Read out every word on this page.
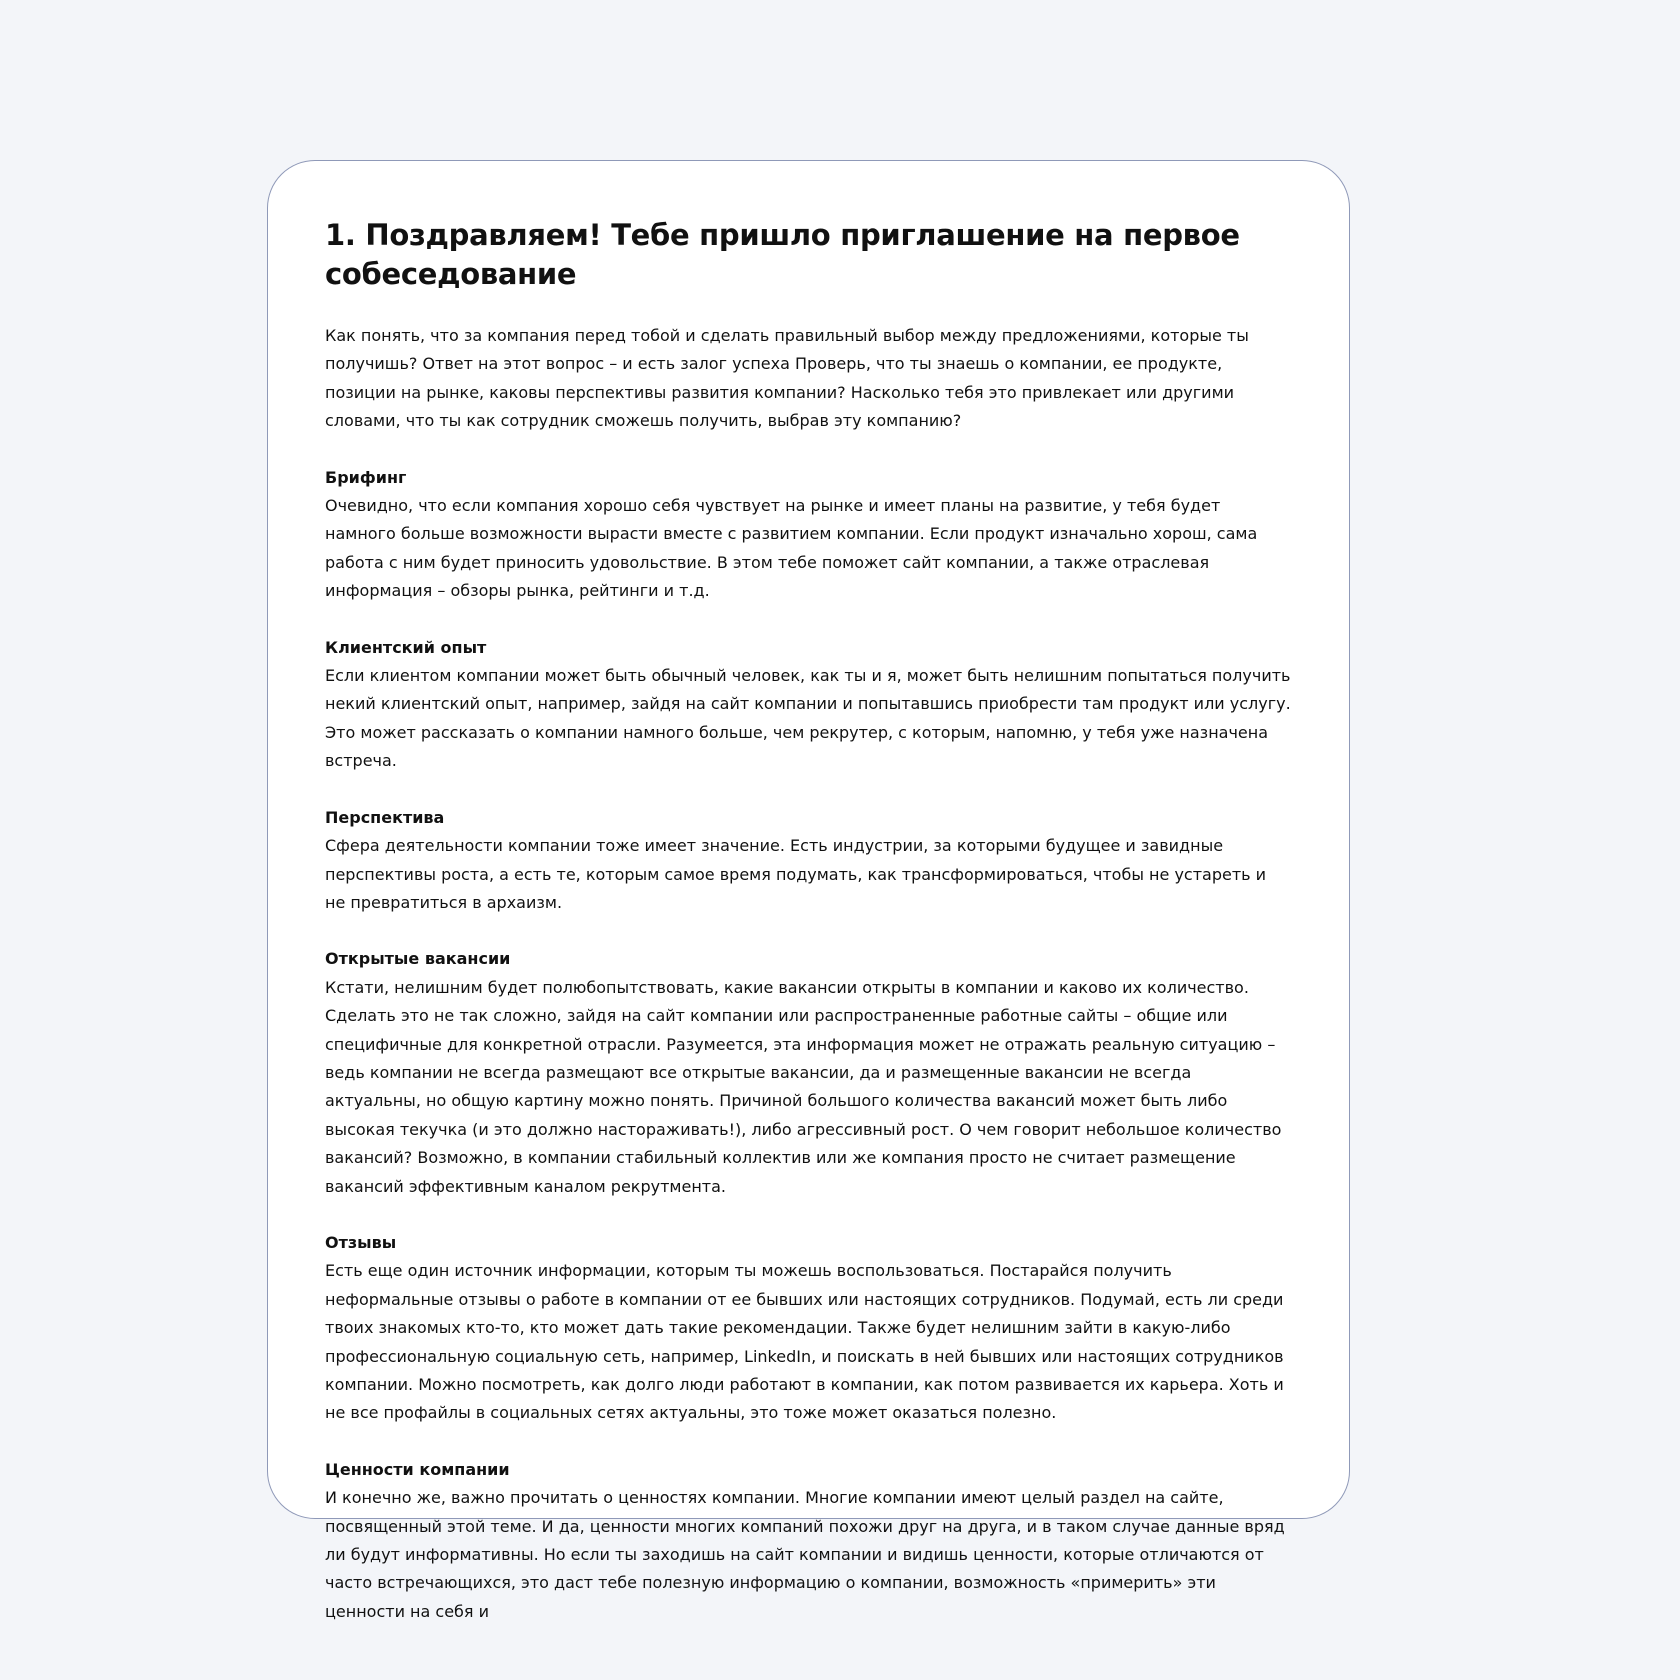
1. Поздравляем! Тебе пришло приглашение на первое собеседование

Как понять, что за компания перед тобой и сделать правильный выбор между предложениями, которые ты получишь? Ответ на этот вопрос – и есть залог успеха Проверь, что ты знаешь о компании, ее продукте, позиции на рынке, каковы перспективы развития компании? Насколько тебя это привлекает или другими словами, что ты как сотрудник сможешь получить, выбрав эту компанию?

Брифинг

Очевидно, что если компания хорошо себя чувствует на рынке и имеет планы на развитие, у тебя будет намного больше возможности вырасти вместе с развитием компании. Если продукт изначально хорош, сама работа с ним будет приносить удовольствие. В этом тебе поможет сайт компании, а также отраслевая информация – обзоры рынка, рейтинги и т.д.

Клиентский опыт

Если клиентом компании может быть обычный человек, как ты и я, может быть нелишним попытаться получить некий клиентский опыт, например, зайдя на сайт компании и попытавшись приобрести там продукт или услугу. Это может рассказать о компании намного больше, чем рекрутер, с которым, напомню, у тебя уже назначена встреча.

Перспектива

Сфера деятельности компании тоже имеет значение. Есть индустрии, за которыми будущее и завидные перспективы роста, а есть те, которым самое время подумать, как трансформироваться, чтобы не устареть и не превратиться в архаизм.

Открытые вакансии

Кстати, нелишним будет полюбопытствовать, какие вакансии открыты в компании и каково их количество. Сделать это не так сложно, зайдя на сайт компании или распространенные работные сайты – общие или специфичные для конкретной отрасли. Разумеется, эта информация может не отражать реальную ситуацию – ведь компании не всегда размещают все открытые вакансии, да и размещенные вакансии не всегда актуальны, но общую картину можно понять. Причиной большого количества вакансий может быть либо высокая текучка (и это должно настораживать!), либо агрессивный рост. О чем говорит небольшое количество вакансий? Возможно, в компании стабильный коллектив или же компания просто не считает размещение вакансий эффективным каналом рекрутмента.

Отзывы

Есть еще один источник информации, которым ты можешь воспользоваться. Постарайся получить неформальные отзывы о работе в компании от ее бывших или настоящих сотрудников. Подумай, есть ли среди твоих знакомых кто-то, кто может дать такие рекомендации. Также будет нелишним зайти в какую-либо профессиональную социальную сеть, например, LinkedIn, и поискать в ней бывших или настоящих сотрудников компании. Можно посмотреть, как долго люди работают в компании, как потом развивается их карьера. Хоть и не все профайлы в социальных сетях актуальны, это тоже может оказаться полезно.

Ценности компании

И конечно же, важно прочитать о ценностях компании. Многие компании имеют целый раздел на сайте, посвященный этой теме. И да, ценности многих компаний похожи друг на друга, и в таком случае данные вряд ли будут информативны. Но если ты заходишь на сайт компании и видишь ценности, которые отличаются от часто встречающихся, это даст тебе полезную информацию о компании, возможность «примерить» эти ценности на себя и
